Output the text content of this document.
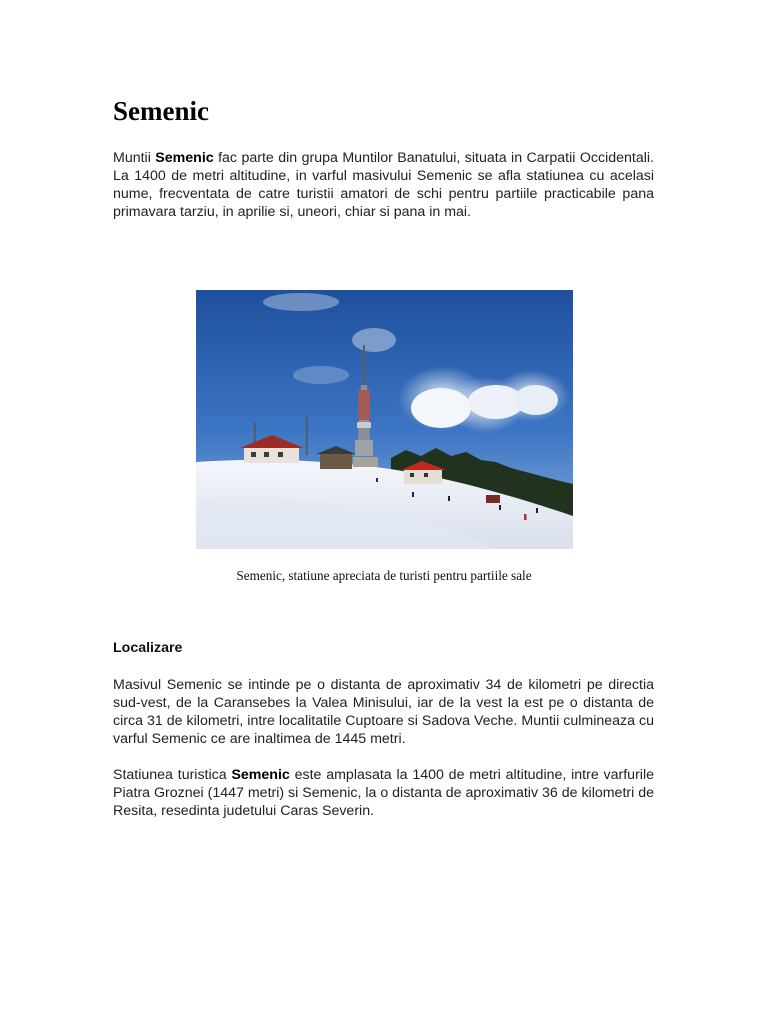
Semenic

Muntii Semenic fac parte din grupa Muntilor Banatului, situata in Carpatii Occidentali. La 1400 de metri altitudine, in varful masivului Semenic se afla statiunea cu acelasi nume, frecventata de catre turistii amatori de schi pentru partiile practicabile pana primavara tarziu, in aprilie si, uneori, chiar si pana in mai.

Semenic, statiune apreciata de turisti pentru partiile sale

Localizare

Masivul Semenic se intinde pe o distanta de aproximativ 34 de kilometri pe directia sud-vest, de la Caransebes la Valea Minisului, iar de la vest la est pe o distanta de circa 31 de kilometri, intre localitatile Cuptoare si Sadova Veche. Muntii culmineaza cu varful Semenic ce are inaltimea de 1445 metri.

Statiunea turistica Semenic este amplasata la 1400 de metri altitudine, intre varfurile Piatra Groznei (1447 metri) si Semenic, la o distanta de aproximativ 36 de kilometri de Resita, resedinta judetului Caras Severin.
